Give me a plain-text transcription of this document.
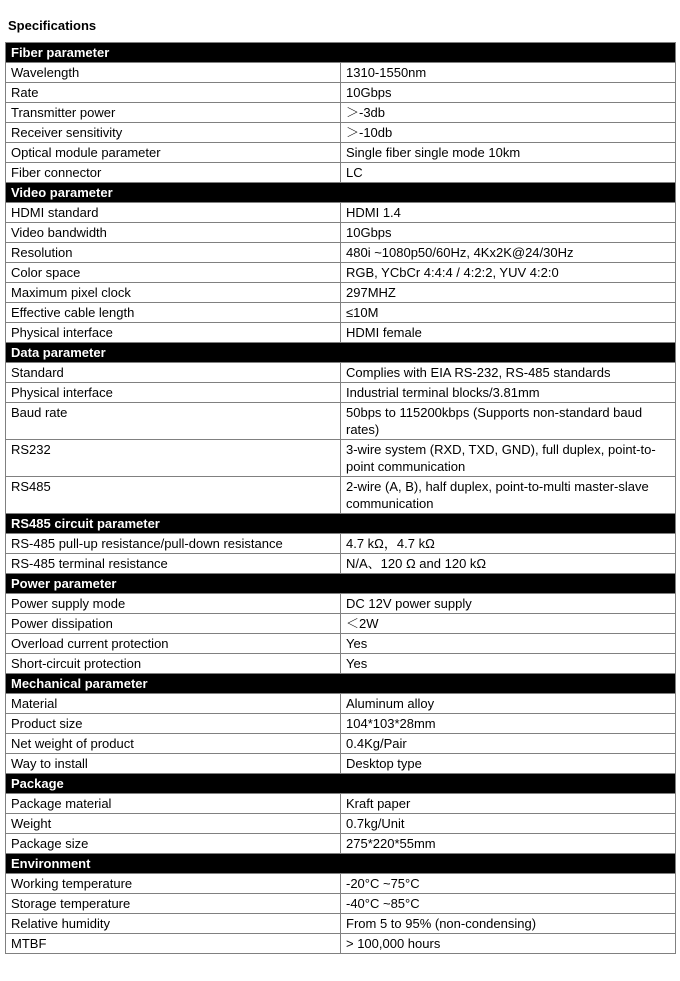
Specifications
Fiber parameter	
Wavelength	1310-1550nm
Rate	10Gbps
Transmitter power	＞-3db
Receiver sensitivity	＞-10db
Optical module parameter	Single fiber single mode 10km
Fiber connector	LC
Video parameter	
HDMI standard	HDMI 1.4
Video bandwidth	10Gbps
Resolution	480i ~1080p50/60Hz, 4Kx2K@24/30Hz
Color space	RGB, YCbCr 4:4:4 / 4:2:2, YUV 4:2:0
Maximum pixel clock	297MHZ
Effective cable length	≤10M
Physical interface	HDMI female
Data parameter	
Standard	Complies with EIA RS-232, RS-485 standards
Physical interface	Industrial terminal blocks/3.81mm
Baud rate	50bps to 115200kbps (Supports non-standard baud rates)
RS232	3-wire system (RXD, TXD, GND), full duplex, point-to-point communication
RS485	2-wire (A, B), half duplex, point-to-multi master-slave communication
RS485 circuit parameter	
RS-485 pull-up resistance/pull-down resistance	4.7 kΩ，4.7 kΩ
RS-485 terminal resistance	N/A、120 Ω and 120 kΩ
Power parameter	
Power supply mode	DC 12V power supply
Power dissipation	＜2W
Overload current protection	Yes
Short-circuit protection	Yes
Mechanical parameter	
Material	Aluminum alloy
Product size	104*103*28mm
Net weight of product	0.4Kg/Pair
Way to install	Desktop type
Package	
Package material	Kraft paper
Weight	0.7kg/Unit
Package size	275*220*55mm
Environment	
Working temperature	-20°C ~75°C
Storage temperature	-40°C ~85°C
Relative humidity	From 5 to 95% (non-condensing)
MTBF	> 100,000 hours
